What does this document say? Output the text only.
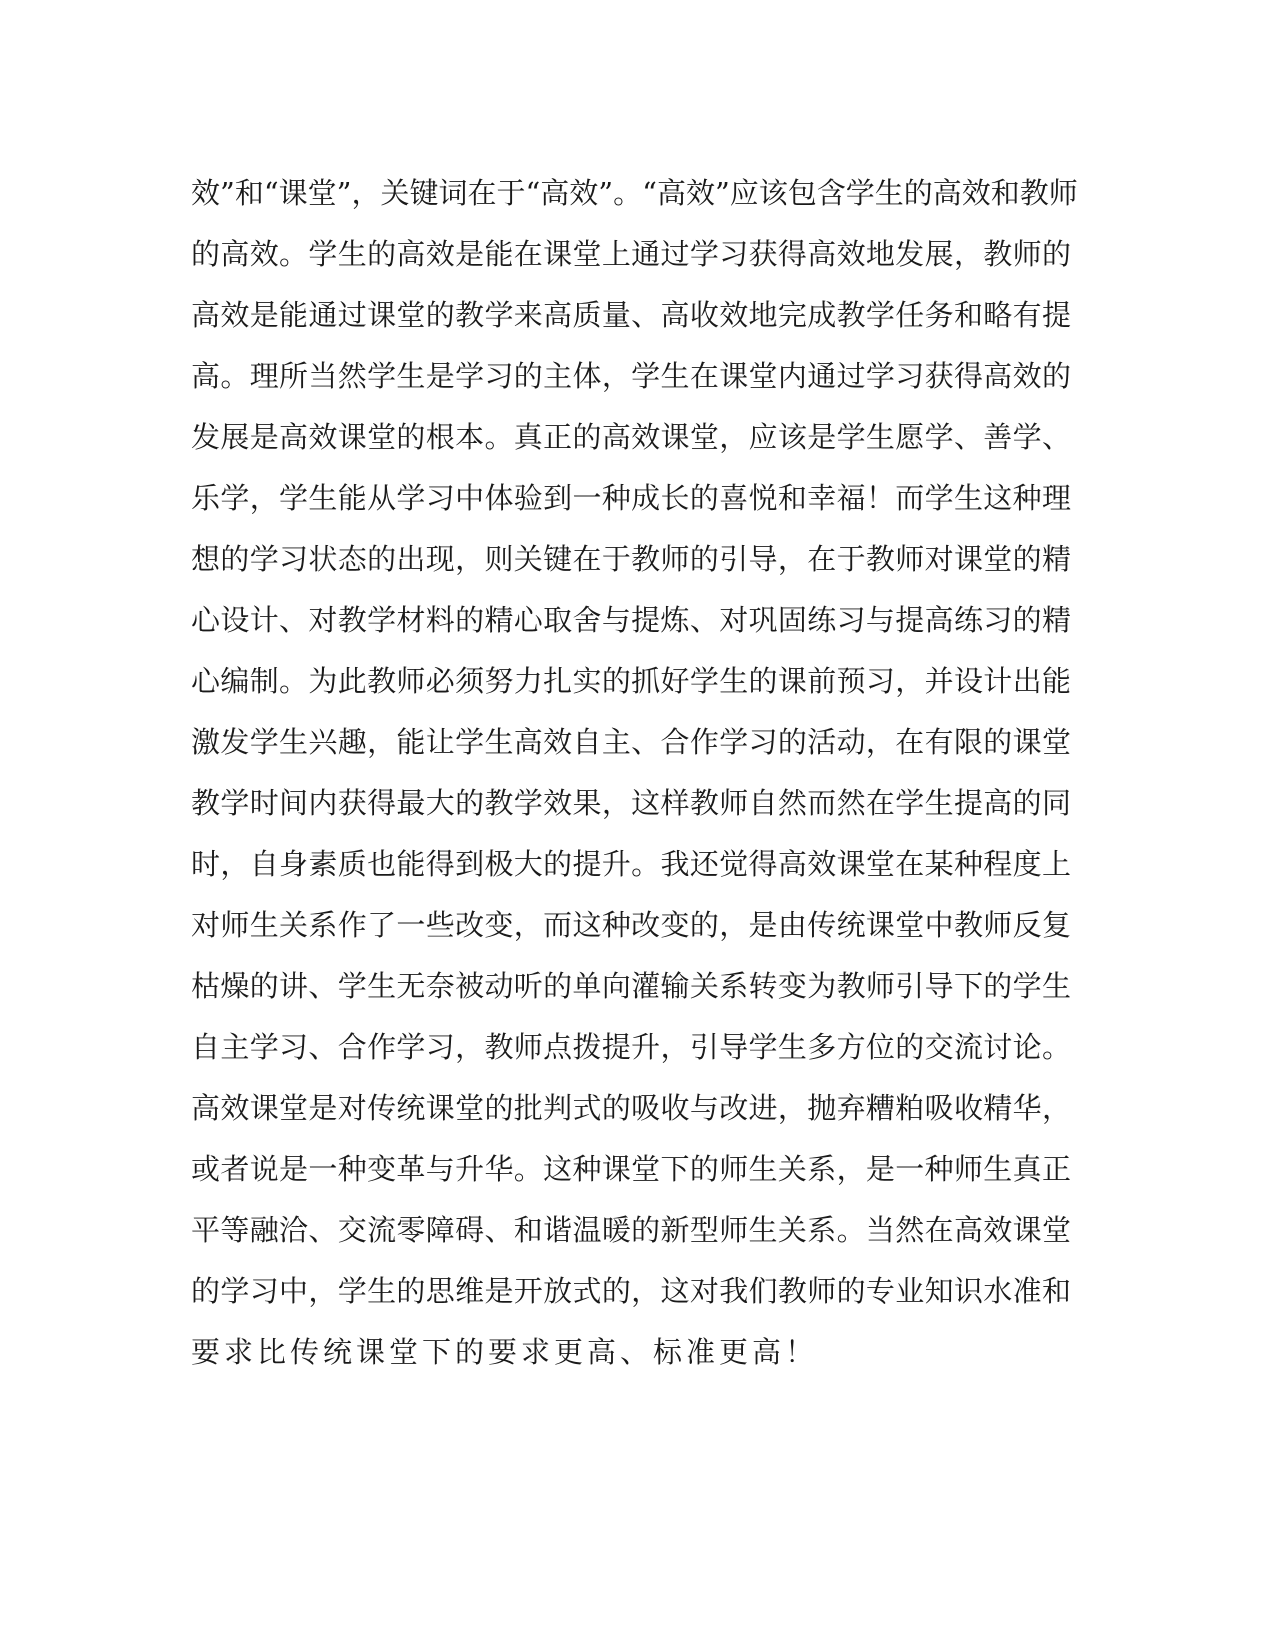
效”和“课堂”，关键词在于“高效”。“高效”应该包含学生的高效和教师
的高效。学生的高效是能在课堂上通过学习获得高效地发展，教师的
高效是能通过课堂的教学来高质量、高收效地完成教学任务和略有提
高。理所当然学生是学习的主体，学生在课堂内通过学习获得高效的
发展是高效课堂的根本。真正的高效课堂，应该是学生愿学、善学、
乐学，学生能从学习中体验到一种成长的喜悦和幸福！而学生这种理
想的学习状态的出现，则关键在于教师的引导，在于教师对课堂的精
心设计、对教学材料的精心取舍与提炼、对巩固练习与提高练习的精
心编制。为此教师必须努力扎实的抓好学生的课前预习，并设计出能
激发学生兴趣，能让学生高效自主、合作学习的活动，在有限的课堂
教学时间内获得最大的教学效果，这样教师自然而然在学生提高的同
时，自身素质也能得到极大的提升。我还觉得高效课堂在某种程度上
对师生关系作了一些改变，而这种改变的，是由传统课堂中教师反复
枯燥的讲、学生无奈被动听的单向灌输关系转变为教师引导下的学生
自主学习、合作学习，教师点拨提升，引导学生多方位的交流讨论。
高效课堂是对传统课堂的批判式的吸收与改进，抛弃糟粕吸收精华，
或者说是一种变革与升华。这种课堂下的师生关系，是一种师生真正
平等融洽、交流零障碍、和谐温暖的新型师生关系。当然在高效课堂
的学习中，学生的思维是开放式的，这对我们教师的专业知识水准和
要求比传统课堂下的要求更高、标准更高！
